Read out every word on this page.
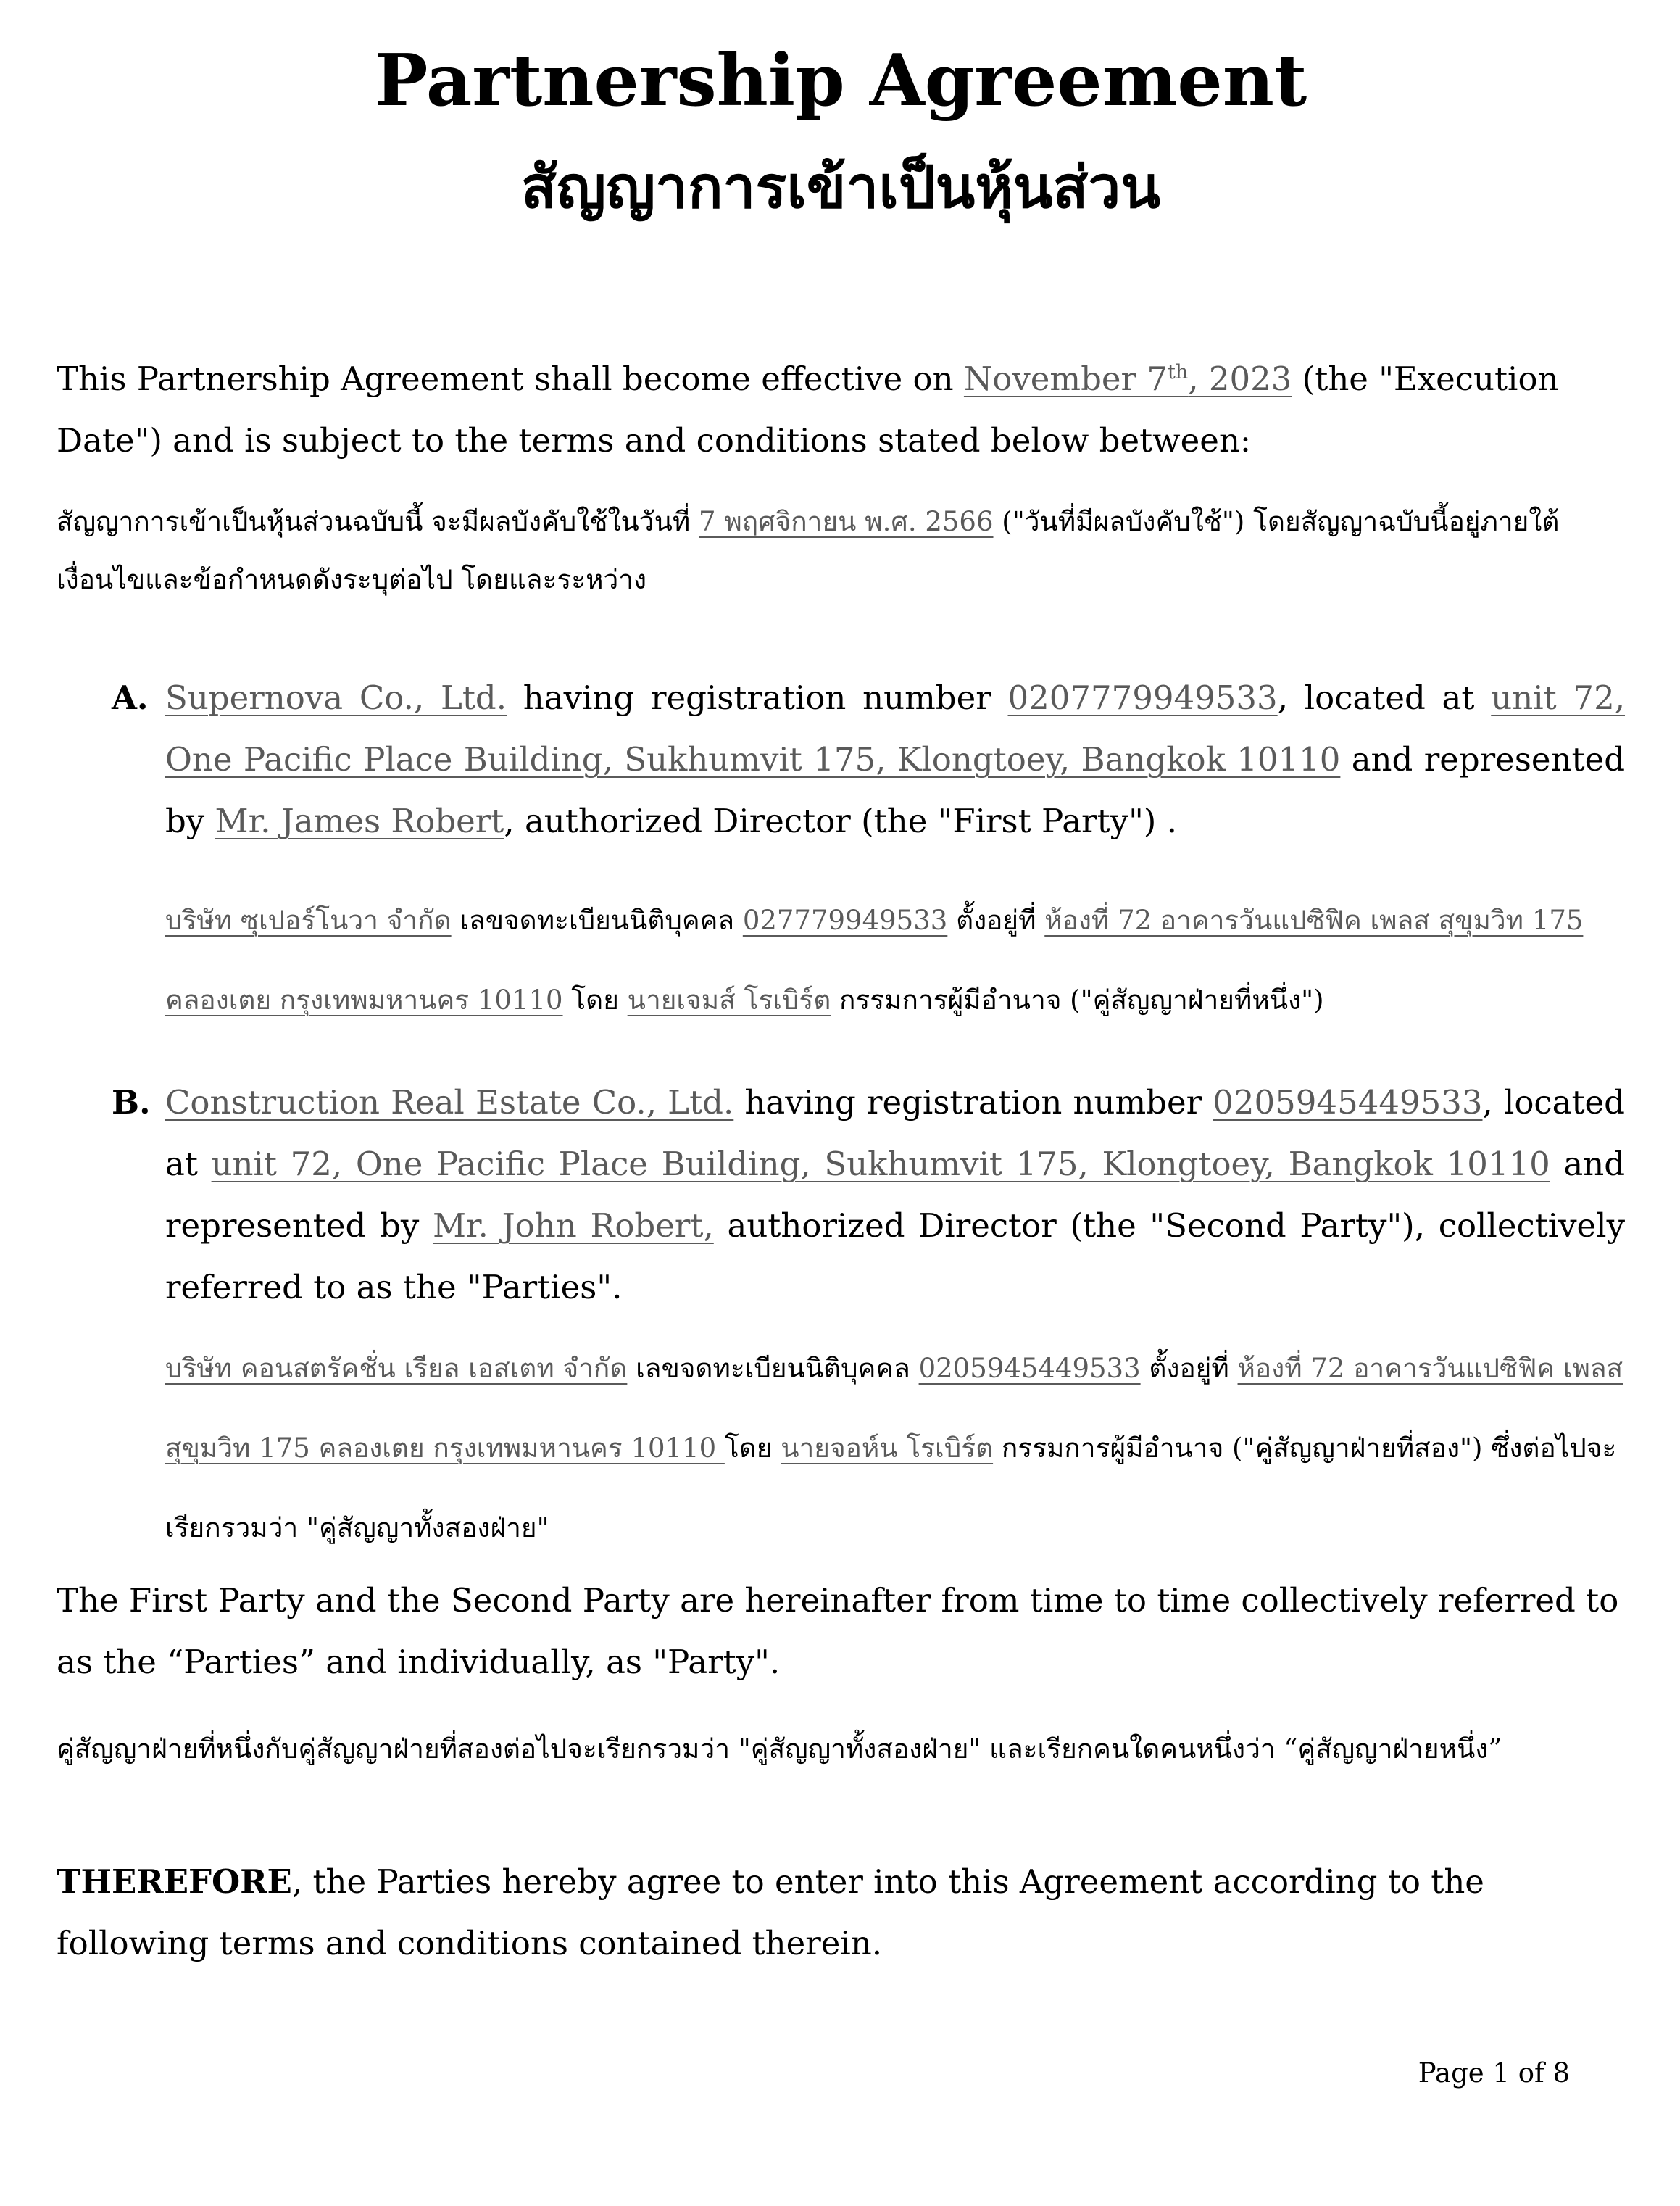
Partnership Agreement
สัญญาการเข้าเป็นหุ้นส่วน

This Partnership Agreement shall become effective on November 7th, 2023 (the "Execution Date") and is subject to the terms and conditions stated below between:

สัญญาการเข้าเป็นหุ้นส่วนฉบับนี้ จะมีผลบังคับใช้ในวันที่ 7 พฤศจิกายน พ.ศ. 2566 ("วันที่มีผลบังคับใช้") โดยสัญญาฉบับนี้อยู่ภายใต้เงื่อนไขและข้อกำหนดดังระบุต่อไป โดยและระหว่าง

A. Supernova Co., Ltd. having registration number 0207779949533, located at unit 72, One Pacific Place Building, Sukhumvit 175, Klongtoey, Bangkok 10110 and represented by Mr. James Robert, authorized Director (the "First Party") .

บริษัท ซุเปอร์โนวา จำกัด เลขจดทะเบียนนิติบุคคล 027779949533 ตั้งอยู่ที่ ห้องที่ 72 อาคารวันแปซิฟิค เพลส สุขุมวิท 175 คลองเตย กรุงเทพมหานคร 10110 โดย นายเจมส์ โรเบิร์ต กรรมการผู้มีอำนาจ ("คู่สัญญาฝ่ายที่หนึ่ง")

B. Construction Real Estate Co., Ltd. having registration number 0205945449533, located at unit 72, One Pacific Place Building, Sukhumvit 175, Klongtoey, Bangkok 10110 and represented by Mr. John Robert, authorized Director (the "Second Party"), collectively referred to as the "Parties".

บริษัท คอนสตรัคชั่น เรียล เอสเตท จำกัด เลขจดทะเบียนนิติบุคคล 0205945449533 ตั้งอยู่ที่ ห้องที่ 72 อาคารวันแปซิฟิค เพลส สุขุมวิท 175 คลองเตย กรุงเทพมหานคร 10110 โดย นายจอห์น โรเบิร์ต กรรมการผู้มีอำนาจ ("คู่สัญญาฝ่ายที่สอง") ซึ่งต่อไปจะเรียกรวมว่า "คู่สัญญาทั้งสองฝ่าย"

The First Party and the Second Party are hereinafter from time to time collectively referred to as the “Parties” and individually, as "Party".

คู่สัญญาฝ่ายที่หนึ่งกับคู่สัญญาฝ่ายที่สองต่อไปจะเรียกรวมว่า "คู่สัญญาทั้งสองฝ่าย" และเรียกคนใดคนหนึ่งว่า “คู่สัญญาฝ่ายหนึ่ง”

THEREFORE, the Parties hereby agree to enter into this Agreement according to the following terms and conditions contained therein.

Page 1 of 8
